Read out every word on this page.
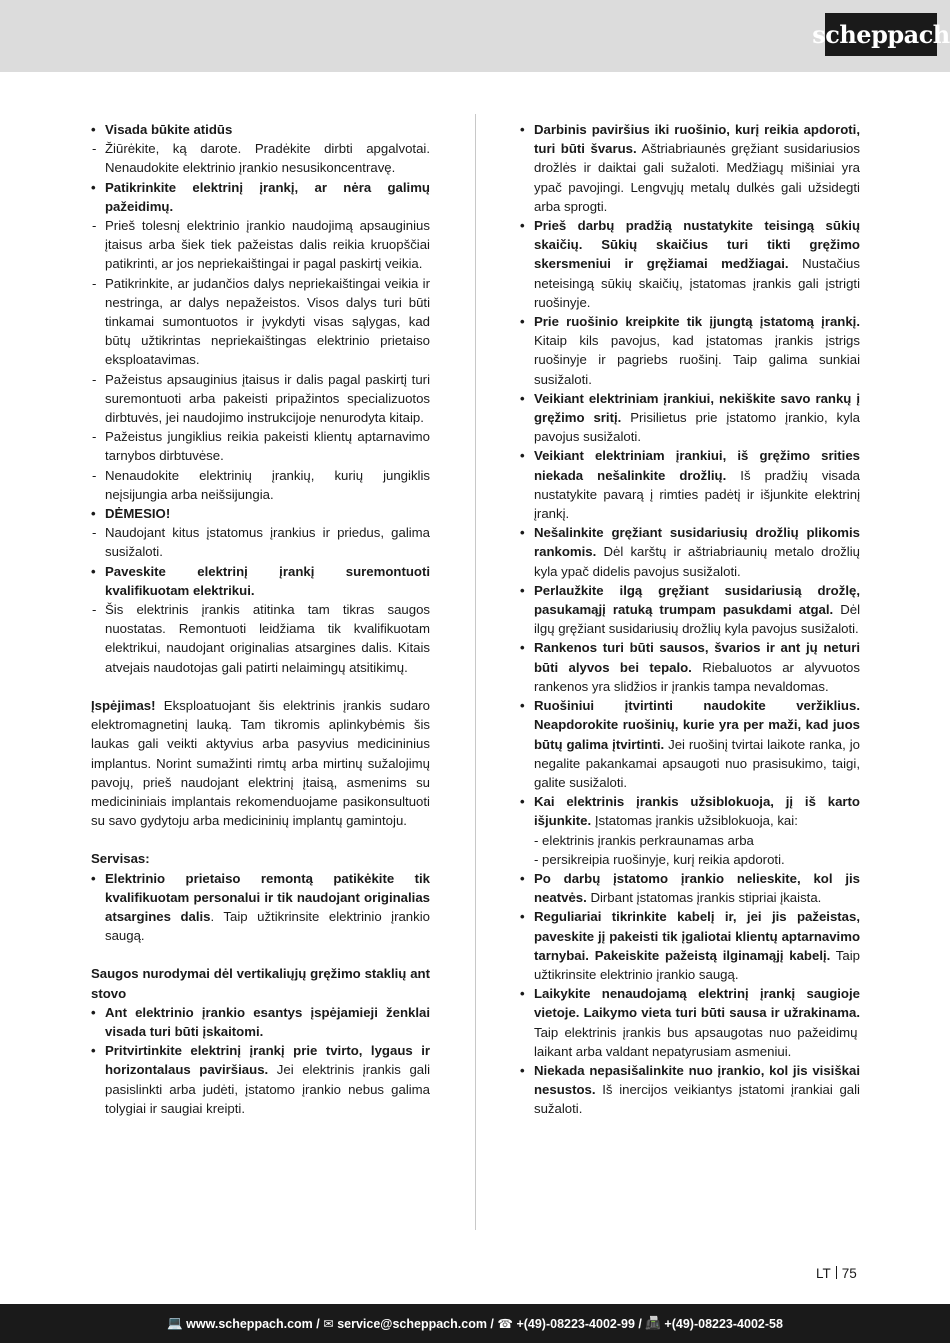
scheppach
• Visada būkite atidūs
- Žiūrėkite, ką darote. Pradėkite dirbti apgalvotai. Nenaudokite elektrinio įrankio nesusikoncentravę.
• Patikrinkite elektrinį įrankį, ar nėra galimų pažeidimų.
- Prieš tolesnį elektrinio įrankio naudojimą apsauginius įtaisus arba šiek tiek pažeistas dalis reikia kruopščiai patikrinti, ar jos nepriekaištingai ir pagal paskirtį veikia.
- Patikrinkite, ar judančios dalys nepriekaištingai veikia ir nestringa, ar dalys nepažeistos. Visos dalys turi būti tinkamai sumontuotos ir įvykdyti visas sąlygas, kad būtų užtikrintas nepriekaištingas elektrinio prietaiso eksploatavimas.
- Pažeistus apsauginius įtaisus ir dalis pagal paskirtį turi suremontuoti arba pakeisti pripažintos specializuotos dirbtuvės, jei naudojimo instrukcijoje nenurodyta kitaip.
- Pažeistus jungiklius reikia pakeisti klientų aptarnavimo tarnybos dirbtuvėse.
- Nenaudokite elektrinių įrankių, kurių jungiklis neįsijungia arba neišsijungia.
• DĖMESIO!
- Naudojant kitus įstatomus įrankius ir priedus, galima susižaloti.
• Paveskite elektrinį įrankį suremontuoti kvalifikuotam elektrikui.
- Šis elektrinis įrankis atitinka tam tikras saugos nuostatas. Remontuoti leidžiama tik kvalifikuotam elektrikui, naudojant originalias atsargines dalis. Kitais atvejais naudotojas gali patirti nelaimingų atsitikimų.
Įspėjimas! Eksploatuojant šis elektrinis įrankis sudaro elektromagnetinį lauką. Tam tikromis aplinkybėmis šis laukas gali veikti aktyvius arba pasyvius medicininius implantus. Norint sumažinti rimtų arba mirtinų sužalojimų pavojų, prieš naudojant elektrinį įtaisą, asmenims su medicininiais implantais rekomenduojame pasikonsultuoti su savo gydytoju arba medicininių implantų gamintoju.
Servisas:
• Elektrinio prietaiso remontą patikėkite tik kvalifikuotam personalui ir tik naudojant originalias atsargines dalis. Taip užtikrinsite elektrinio įrankio saugą.
Saugos nurodymai dėl vertikaliųjų gręžimo staklių ant stovo
• Ant elektrinio įrankio esantys įspėjamieji ženklai visada turi būti įskaitomi.
• Pritvirtinkite elektrinį įrankį prie tvirto, lygaus ir horizontalaus paviršiaus. Jei elektrinis įrankis gali pasislinkti arba judėti, įstatomo įrankio nebus galima tolygiai ir saugiai kreipti.
• Darbinis paviršius iki ruošinio, kurį reikia apdoroti, turi būti švarus. Aštriabriaunės gręžiant susidariusios drožlės ir daiktai gali sužaloti. Medžiagų mišiniai yra ypač pavojingi. Lengvųjų metalų dulkės gali užsidegti arba sprogti.
• Prieš darbų pradžią nustatykite teisingą sūkių skaičių. Sūkių skaičius turi tikti gręžimo skersmeniui ir gręžiamai medžiagai. Nustačius neteisingą sūkių skaičių, įstatomas įrankis gali įstrigti ruošinyje.
• Prie ruošinio kreipkite tik įjungtą įstatomą įrankį. Kitaip kils pavojus, kad įstatomas įrankis įstrigs ruošinyje ir pagriebs ruošinį. Taip galima sunkiai susižaloti.
• Veikiant elektriniam įrankiui, nekiškite savo rankų į gręžimo sritį. Prisilietus prie įstatomo įrankio, kyla pavojus susižaloti.
• Veikiant elektriniam įrankiui, iš gręžimo srities niekada nešalinkite drožlių. Iš pradžių visada nustatykite pavarą į rimties padėtį ir išjunkite elektrinį įrankį.
• Nešalinkite gręžiant susidariusių drožlių plikomis rankomis. Dėl karštų ir aštriabriaunių metalo drožlių kyla ypač didelis pavojus susižaloti.
• Perlaužkite ilgą gręžiant susidariusią drožlę, pasukamąjį ratuką trumpam pasukdami atgal. Dėl ilgų gręžiant susidariusių drožlių kyla pavojus susižaloti.
• Rankenos turi būti sausos, švarios ir ant jų neturi būti alyvos bei tepalo. Riebaluotos ar alyvuotos rankenos yra slidžios ir įrankis tampa nevaldomas.
• Ruošiniui įtvirtinti naudokite veržiklius. Neapdorokite ruošinių, kurie yra per maži, kad juos būtų galima įtvirtinti. Jei ruošinį tvirtai laikote ranka, jo negalite pakankamai apsaugoti nuo prasisukimo, taigi, galite susižaloti.
• Kai elektrinis įrankis užsiblokuoja, jį iš karto išjunkite. Įstatomas įrankis užsiblokuoja, kai:
- elektrinis įrankis perkraunamas arba
- persikreipia ruošinyje, kurį reikia apdoroti.
• Po darbų įstatomo įrankio nelieskite, kol jis neatvės. Dirbant įstatomas įrankis stipriai įkaista.
• Reguliariai tikrinkite kabelį ir, jei jis pažeistas, paveskite jį pakeisti tik įgaliotai klientų aptarnavimo tarnybai. Pakeiskite pažeistą ilginamąjį kabelį. Taip užtikrinsite elektrinio įrankio saugą.
• Laikykite nenaudojamą elektrinį įrankį saugioje vietoje. Laikymo vieta turi būti sausa ir užrakinama. Taip elektrinis įrankis bus apsaugotas nuo pažeidimų laikant arba valdant nepatyrusiam asmeniui.
• Niekada nepasišalinkite nuo įrankio, kol jis visiškai nesustos. Iš inercijos veikiantys įstatomi įrankiai gali sužaloti.
LT 75
💻
www.scheppach.com / ✉
service@scheppach.com / ☎
+(49)-08223-4002-99 / 📠
+(49)-08223-4002-58
